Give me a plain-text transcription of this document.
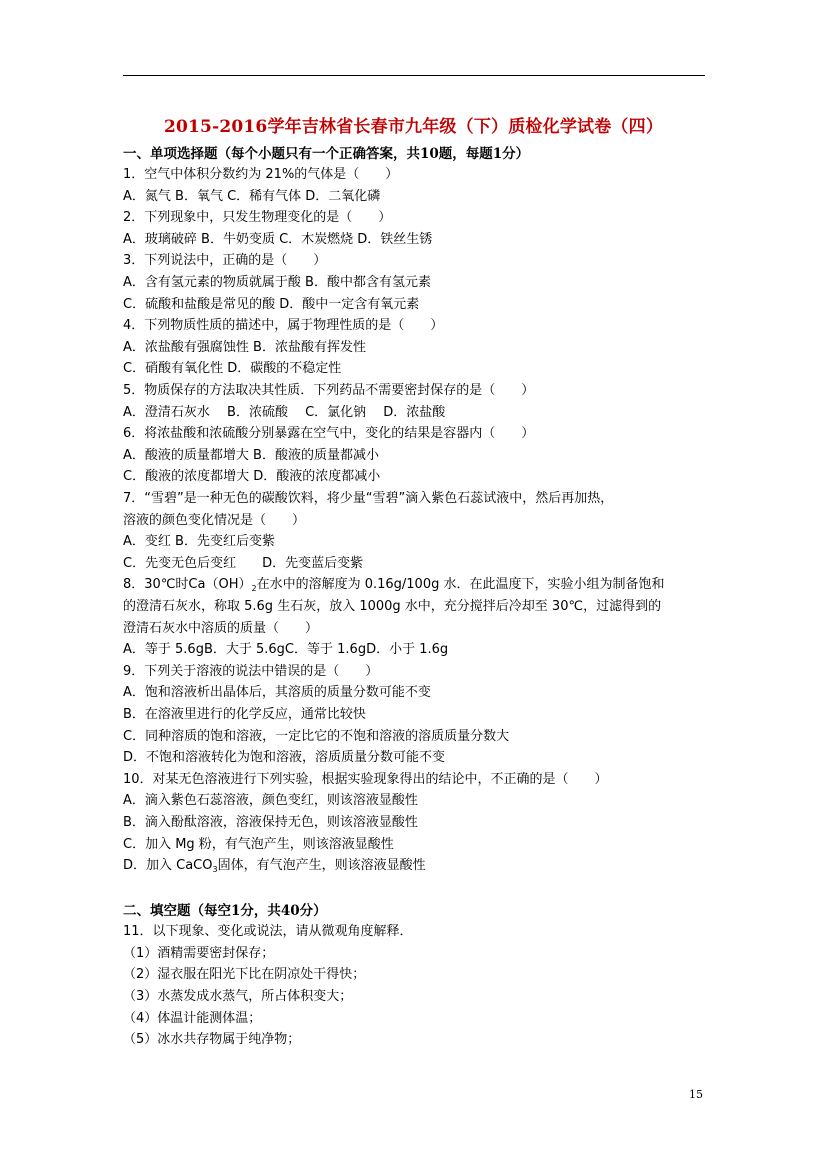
2015-2016学年吉林省长春市九年级（下）质检化学试卷（四）
一、单项选择题（每个小题只有一个正确答案，共10题，每题1分）
1．空气中体积分数约为 21%的气体是（　　）
A．氮气 B．氧气 C．稀有气体 D．二氧化磷
2．下列现象中，只发生物理变化的是（　　）
A．玻璃破碎 B．牛奶变质 C．木炭燃烧 D．铁丝生锈
3．下列说法中，正确的是（　　）
A．含有氢元素的物质就属于酸 B．酸中都含有氢元素
C．硫酸和盐酸是常见的酸 D．酸中一定含有氧元素
4．下列物质性质的描述中，属于物理性质的是（　　）
A．浓盐酸有强腐蚀性 B．浓盐酸有挥发性
C．硝酸有氧化性 D．碳酸的不稳定性
5．物质保存的方法取决其性质．下列药品不需要密封保存的是（　　）
A．澄清石灰水　 B．浓硫酸　 C．氯化钠　 D．浓盐酸
6．将浓盐酸和浓硫酸分别暴露在空气中，变化的结果是容器内（　　）
A．酸液的质量都增大 B．酸液的质量都减小
C．酸液的浓度都增大 D．酸液的浓度都减小
7．“雪碧”是一种无色的碳酸饮料，将少量“雪碧”滴入紫色石蕊试液中，然后再加热，
溶液的颜色变化情况是（　　）
A．变红 B．先变红后变紫
C．先变无色后变红　　D．先变蓝后变紫
8．30℃时$Ca(OH)_2$在水中的溶解度为 0.16g/100g 水．在此温度下，实验小组为制备饱和
的澄清石灰水，称取 5.6g 生石灰，放入 1000g 水中，充分搅拌后冷却至 30℃，过滤得到的
澄清石灰水中溶质的质量（　　）
A．等于 5.6gB．大于 5.6gC．等于 1.6gD．小于 1.6g
9．下列关于溶液的说法中错误的是（　　）
A．饱和溶液析出晶体后，其溶质的质量分数可能不变
B．在溶液里进行的化学反应，通常比较快
C．同种溶质的饱和溶液，一定比它的不饱和溶液的溶质质量分数大
D．不饱和溶液转化为饱和溶液，溶质质量分数可能不变
10．对某无色溶液进行下列实验，根据实验现象得出的结论中，不正确的是（　　）
A．滴入紫色石蕊溶液，颜色变红，则该溶液显酸性
B．滴入酚酞溶液，溶液保持无色，则该溶液显酸性
C．加入 Mg 粉，有气泡产生，则该溶液显酸性
D．加入 CaCO$_3$固体，有气泡产生，则该溶液显酸性
二、填空题（每空1分，共40分）
11．以下现象、变化或说法，请从微观角度解释．
（1）酒精需要密封保存；
（2）湿衣服在阳光下比在阴凉处干得快；
（3）水蒸发成水蒸气，所占体积变大；
（4）体温计能测体温；
（5）冰水共存物属于纯净物；
15
